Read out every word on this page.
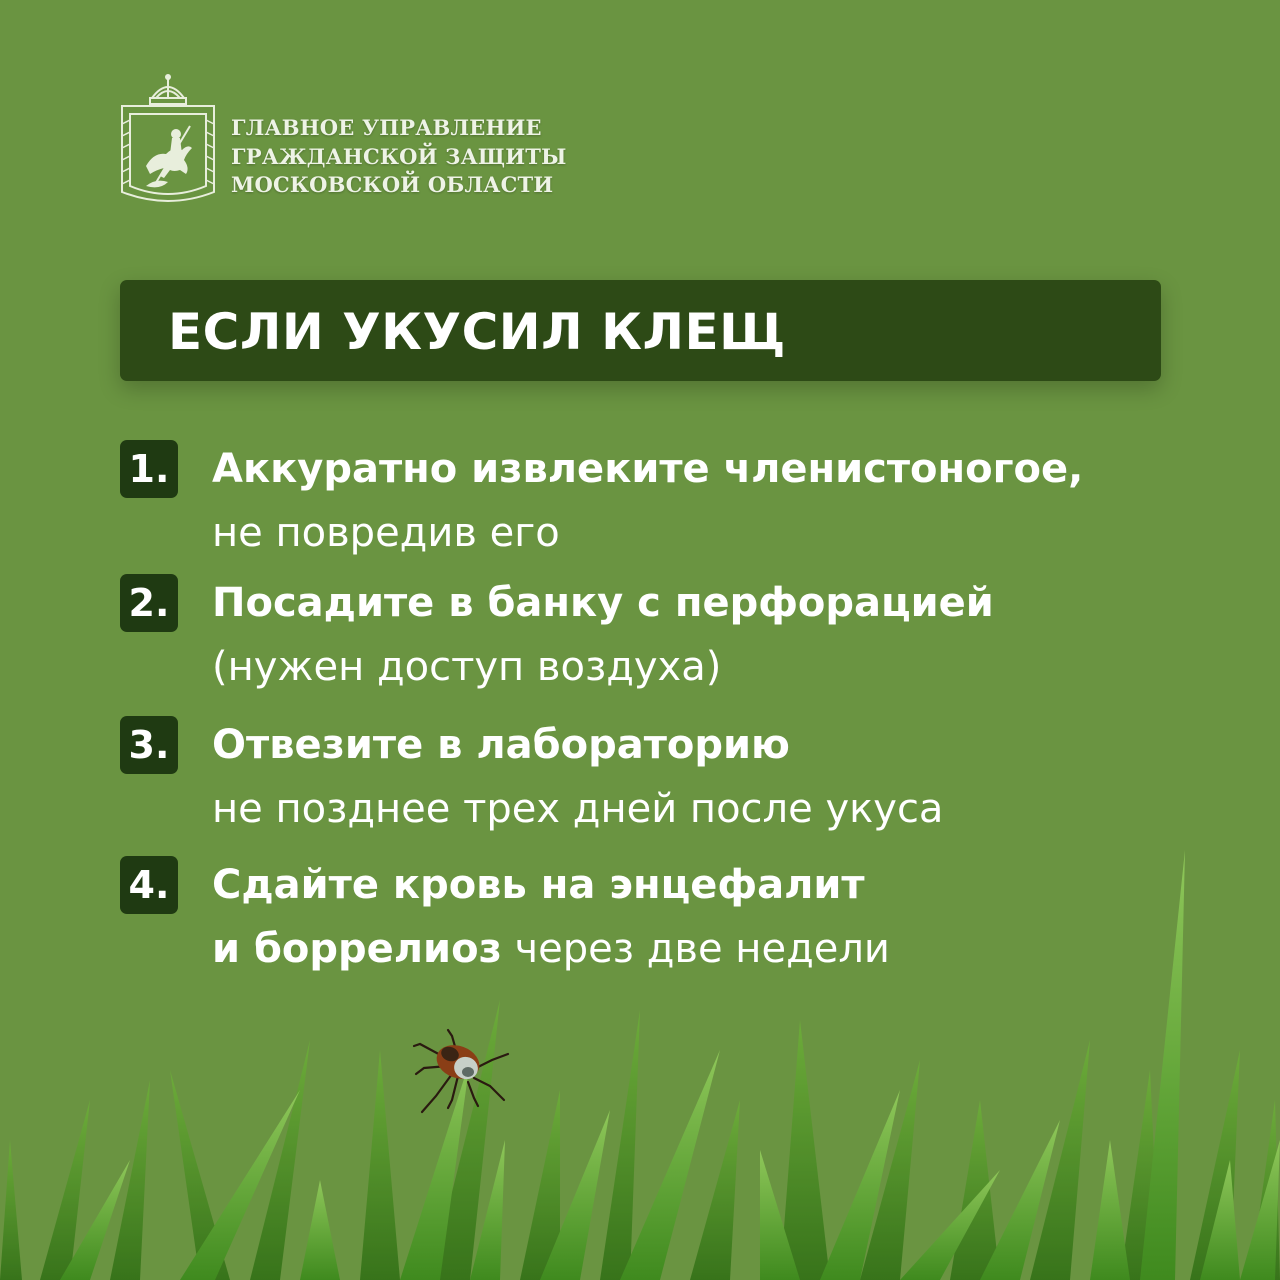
ГЛАВНОЕ УПРАВЛЕНИЕ
ГРАЖДАНСКОЙ ЗАЩИТЫ
МОСКОВСКОЙ ОБЛАСТИ
ЕСЛИ УКУСИЛ КЛЕЩ
1. Аккуратно извлеките членистоногое,
не повредив его
2. Посадите в банку с перфорацией
(нужен доступ воздуха)
3. Отвезите в лабораторию
не позднее трех дней после укуса
4. Сдайте кровь на энцефалит
и боррелиоз через две недели
